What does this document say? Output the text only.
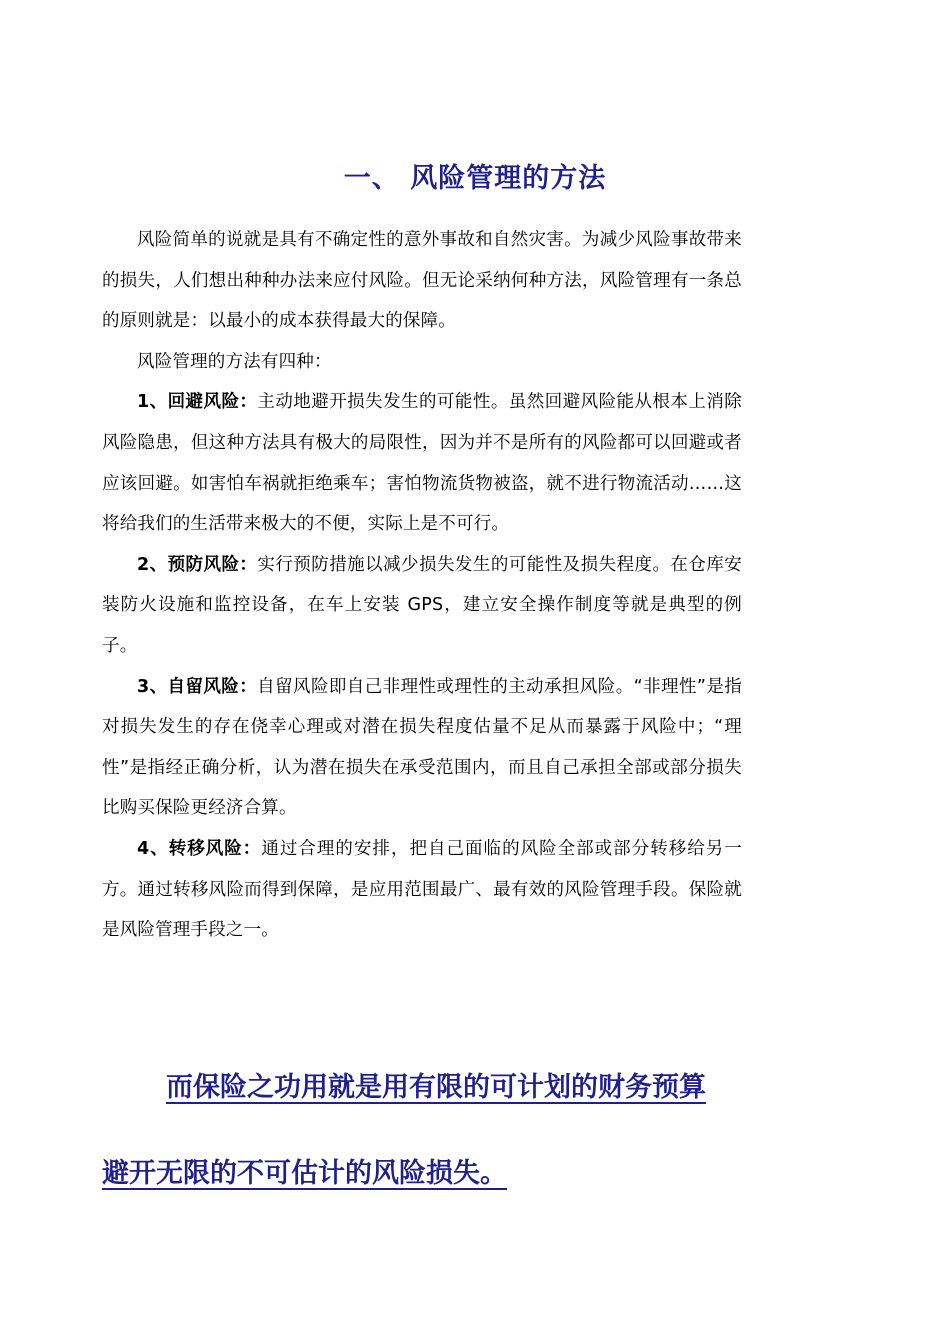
一、 风险管理的方法

风险简单的说就是具有不确定性的意外事故和自然灾害。为减少风险事故带来的损失，人们想出种种办法来应付风险。但无论采纳何种方法，风险管理有一条总的原则就是：以最小的成本获得最大的保障。

风险管理的方法有四种：

1、回避风险：主动地避开损失发生的可能性。虽然回避风险能从根本上消除风险隐患，但这种方法具有极大的局限性，因为并不是所有的风险都可以回避或者应该回避。如害怕车祸就拒绝乘车；害怕物流货物被盗，就不进行物流活动……这将给我们的生活带来极大的不便，实际上是不可行。

2、预防风险：实行预防措施以减少损失发生的可能性及损失程度。在仓库安装防火设施和监控设备，在车上安装 GPS，建立安全操作制度等就是典型的例子。

3、自留风险：自留风险即自己非理性或理性的主动承担风险。“非理性”是指对损失发生的存在侥幸心理或对潜在损失程度估量不足从而暴露于风险中；“理性”是指经正确分析，认为潜在损失在承受范围内，而且自己承担全部或部分损失比购买保险更经济合算。

4、转移风险：通过合理的安排，把自己面临的风险全部或部分转移给另一方。通过转移风险而得到保障，是应用范围最广、最有效的风险管理手段。保险就是风险管理手段之一。

而保险之功用就是用有限的可计划的财务预算
避开无限的不可估计的风险损失。
